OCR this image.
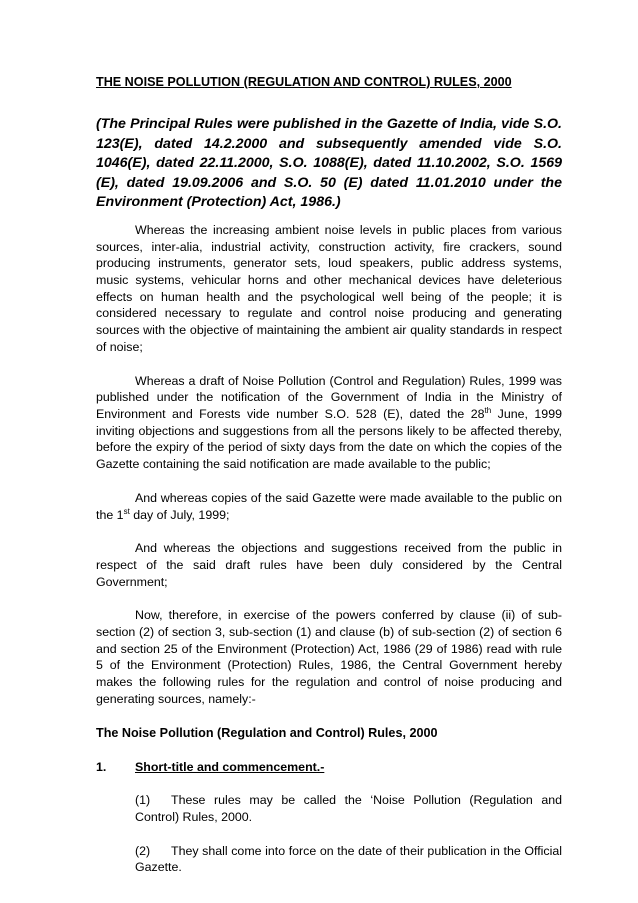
THE NOISE POLLUTION (REGULATION AND CONTROL) RULES, 2000

(The Principal Rules were published in the Gazette of India, vide S.O. 123(E), dated 14.2.2000 and subsequently amended vide S.O. 1046(E), dated 22.11.2000, S.O. 1088(E), dated 11.10.2002, S.O. 1569 (E), dated 19.09.2006 and S.O. 50 (E) dated 11.01.2010 under the Environment (Protection) Act, 1986.)

Whereas the increasing ambient noise levels in public places from various sources, inter-alia, industrial activity, construction activity, fire crackers, sound producing instruments, generator sets, loud speakers, public address systems, music systems, vehicular horns and other mechanical devices have deleterious effects on human health and the psychological well being of the people; it is considered necessary to regulate and control noise producing and generating sources with the objective of maintaining the ambient air quality standards in respect of noise;

Whereas a draft of Noise Pollution (Control and Regulation) Rules, 1999 was published under the notification of the Government of India in the Ministry of Environment and Forests vide number S.O. 528 (E), dated the 28th June, 1999 inviting objections and suggestions from all the persons likely to be affected thereby, before the expiry of the period of sixty days from the date on which the copies of the Gazette containing the said notification are made available to the public;

And whereas copies of the said Gazette were made available to the public on the 1st day of July, 1999;

And whereas the objections and suggestions received from the public in respect of the said draft rules have been duly considered by the Central Government;

Now, therefore, in exercise of the powers conferred by clause (ii) of sub-section (2) of section 3, sub-section (1) and clause (b) of sub-section (2) of section 6 and section 25 of the Environment (Protection) Act, 1986 (29 of 1986) read with rule 5 of the Environment (Protection) Rules, 1986, the Central Government hereby makes the following rules for the regulation and control of noise producing and generating sources, namely:-

The Noise Pollution (Regulation and Control) Rules, 2000

1. Short-title and commencement.-

(1) These rules may be called the ‘Noise Pollution (Regulation and Control) Rules, 2000.

(2) They shall come into force on the date of their publication in the Official Gazette.
